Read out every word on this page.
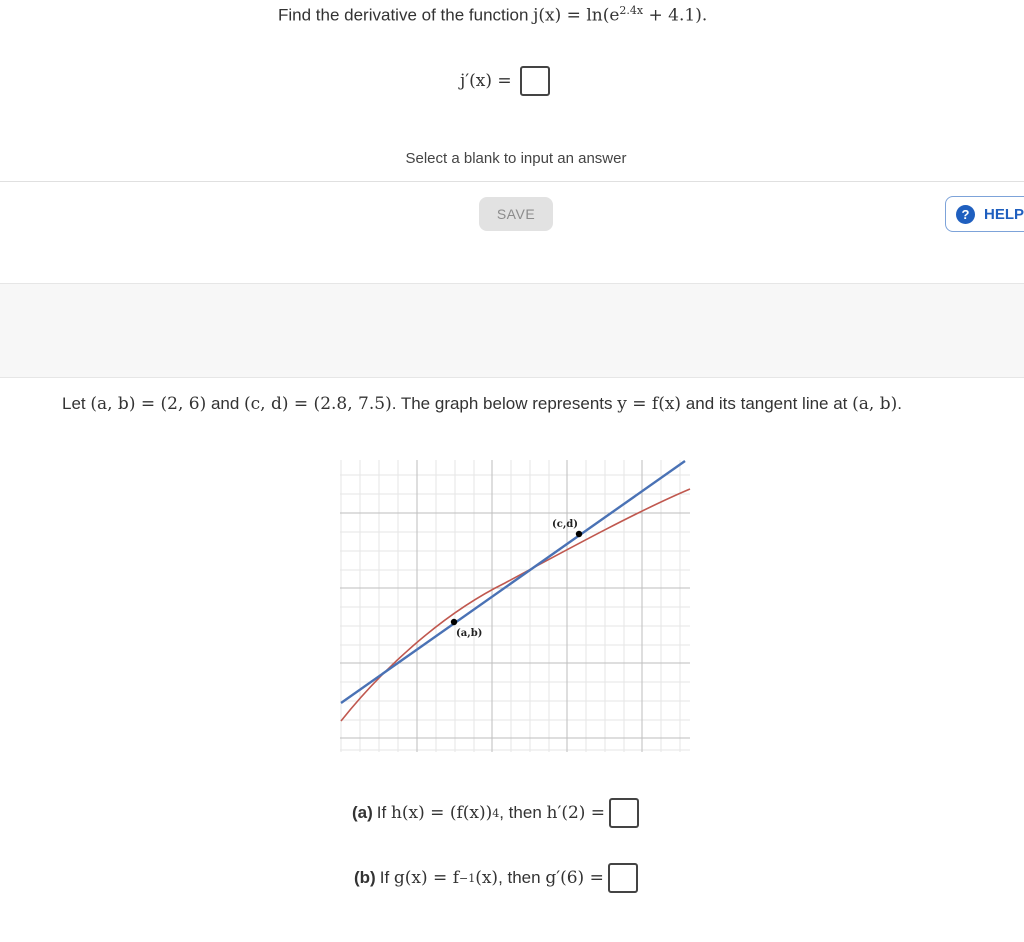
Find the derivative of the function $j(x) = \ln(e^{2.4x} + 4.1)$.
j′(x) =
Select a blank to input an answer
SAVE	? HELP
Let (a, b) = (2, 6) and (c, d) = (2.8, 7.5). The graph below represents y = f(x) and its tangent line at (a, b).
(a,b)
(c,d)
(a) If
h(x) = (f(x)) 4 , then
h′(2) =
(b) If
g(x) = f −1 (x) , then
g′(6) =
